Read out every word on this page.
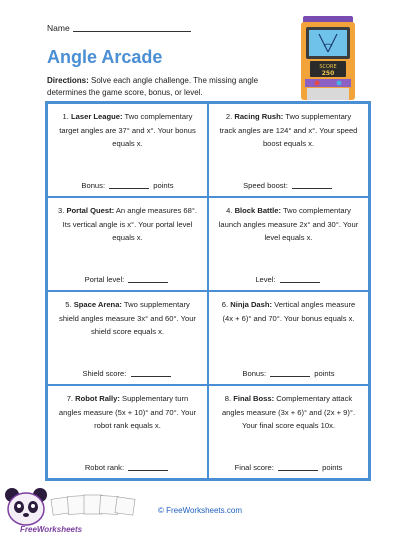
Name
Angle Arcade
Directions: Solve each angle challenge. The missing angle determines the game score, bonus, or level.
SCORE
250

1. Laser League: Two complementary target angles are 37° and x°. Your bonus equals x.

Bonus:	points

2. Racing Rush: Two supplementary track angles are 124° and x°. Your speed boost equals x.

Speed boost:

3. Portal Quest: An angle measures 68°. Its vertical angle is x°. Your portal level equals x.

Portal level:

4. Block Battle: Two complementary launch angles measure 2x° and 30°. Your level equals x.

Level:

5. Space Arena: Two supplementary shield angles measure 3x° and 60°. Your shield score equals x.

Shield score:

6. Ninja Dash: Vertical angles measure (4x + 6)° and 70°. Your bonus equals x.

Bonus:	points

7. Robot Rally: Supplementary turn angles measure (5x + 10)° and 70°. Your robot rank equals x.

Robot rank:

8. Final Boss: Complementary attack angles measure (3x + 6)° and (2x + 9)°. Your final score equals 10x.

Final score:	points
FreeWorksheets
© FreeWorksheets.com
